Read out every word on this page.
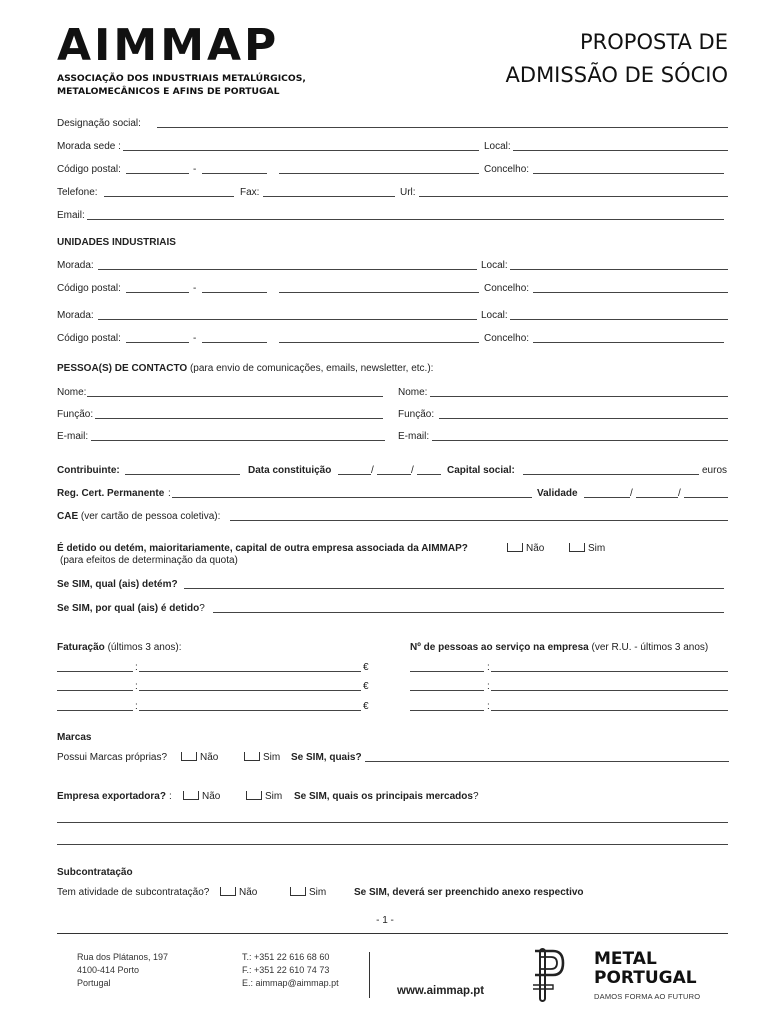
AIMMAP
ASSOCIAÇÃO DOS INDUSTRIAIS METALÚRGICOS,
METALOMECÂNICOS E AFINS DE PORTUGAL
PROPOSTA DE
ADMISSÃO DE SÓCIO
Designação social:
Morada sede :	Local:
Código postal:	-	Concelho:
Telefone:	Fax:	Url:
Email:
UNIDADES INDUSTRIAIS
Morada:	Local:
Código postal:	-	Concelho:
Morada:	Local:
Código postal:	-	Concelho:
PESSOA(S) DE CONTACTO (para envio de comunicações, emails, newsletter, etc.):
Nome:	Nome:
Função:	Função:
E-mail:	E-mail:
Contribuinte:	Data constituição	/	/	Capital social:	euros
Reg. Cert. Permanente :	Validade	/	/
CAE (ver cartão de pessoa coletiva):
É detido ou detém, maioritariamente, capital de outra empresa associada da AIMMAP?	Não	Sim
(para efeitos de determinação da quota)
Se SIM, qual (ais) detém?
Se SIM, por qual (ais) é detido?
Faturação (últimos 3 anos):	Nº de pessoas ao serviço na empresa (ver R.U. - últimos 3 anos)
:	€	:
:	€	:
:	€	:
Marcas
Possui Marcas próprias?	Não	Sim Se SIM, quais?
Empresa exportadora? :	Não	Sim Se SIM, quais os principais mercados?
Subcontratação
Tem atividade de subcontratação?	Não	Sim	Se SIM, deverá ser preenchido anexo respectivo
- 1 -
Rua dos Plátanos, 197
4100-414 Porto
Portugal
T.: +351 22 616 68 60
F.: +351 22 610 74 73
E.: aimmap@aimmap.pt
www.aimmap.pt
METAL
PORTUGAL
DAMOS FORMA AO FUTURO
